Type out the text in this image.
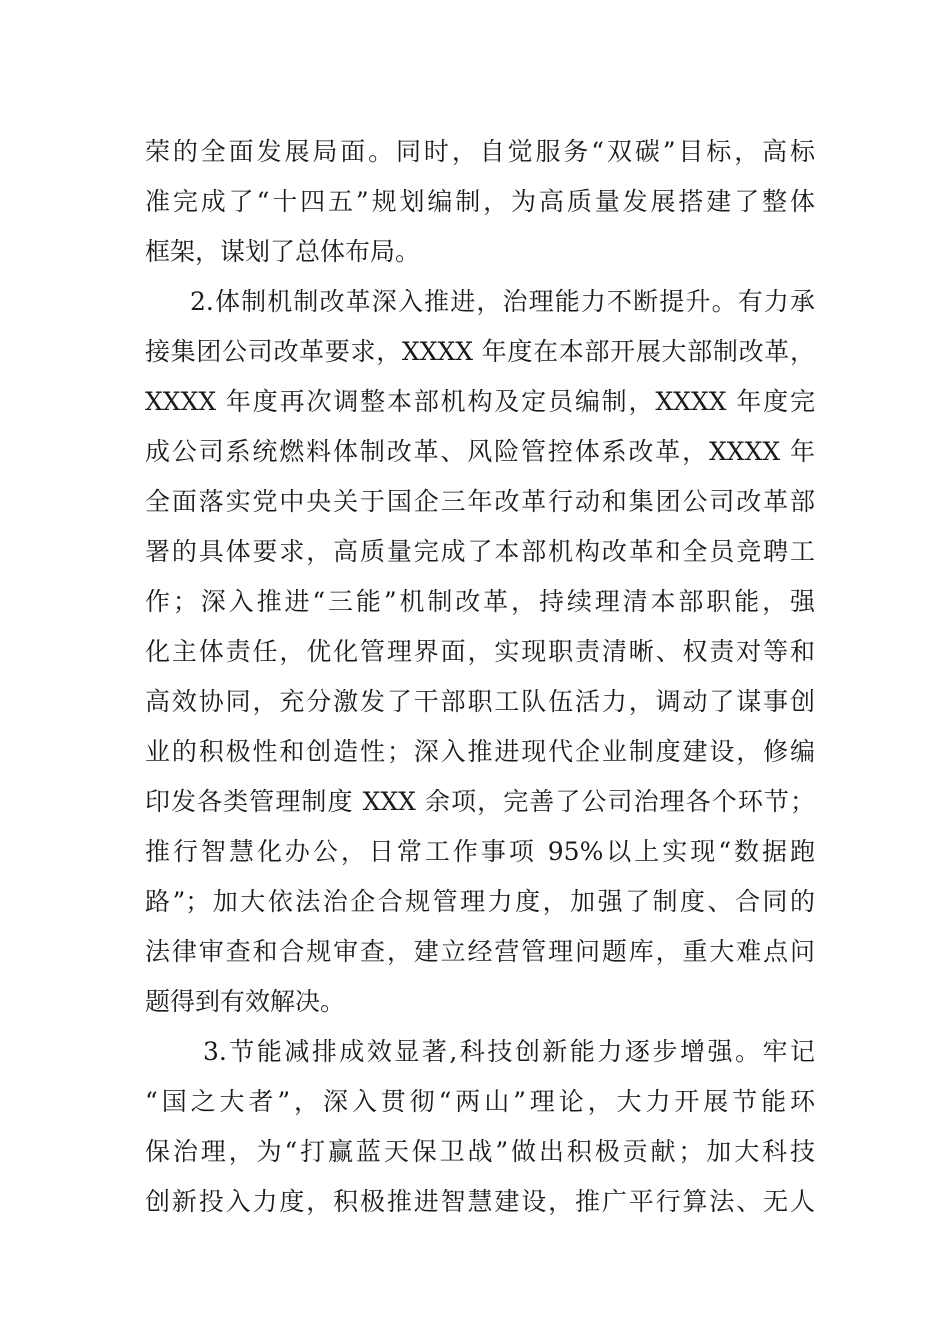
荣的全面发展局面。同时，自觉服务“双碳”目标，高标
准完成了“十四五”规划编制，为高质量发展搭建了整体
框架，谋划了总体布局。
2.体制机制改革深入推进，治理能力不断提升。有力承
接集团公司改革要求，XXXX 年度在本部开展大部制改革，
XXXX 年度再次调整本部机构及定员编制，XXXX 年度完
成公司系统燃料体制改革、风险管控体系改革，XXXX 年
全面落实党中央关于国企三年改革行动和集团公司改革部
署的具体要求，高质量完成了本部机构改革和全员竞聘工
作；深入推进“三能”机制改革，持续理清本部职能，强
化主体责任，优化管理界面，实现职责清晰、权责对等和
高效协同，充分激发了干部职工队伍活力，调动了谋事创
业的积极性和创造性；深入推进现代企业制度建设，修编
印发各类管理制度 XXX 余项，完善了公司治理各个环节；
推行智慧化办公，日常工作事项 95%以上实现“数据跑
路”；加大依法治企合规管理力度，加强了制度、合同的
法律审查和合规审查，建立经营管理问题库，重大难点问
题得到有效解决。
3.节能减排成效显著,科技创新能力逐步增强。牢记
“国之大者”，深入贯彻“两山”理论，大力开展节能环
保治理，为“打赢蓝天保卫战”做出积极贡献；加大科技
创新投入力度，积极推进智慧建设，推广平行算法、无人
